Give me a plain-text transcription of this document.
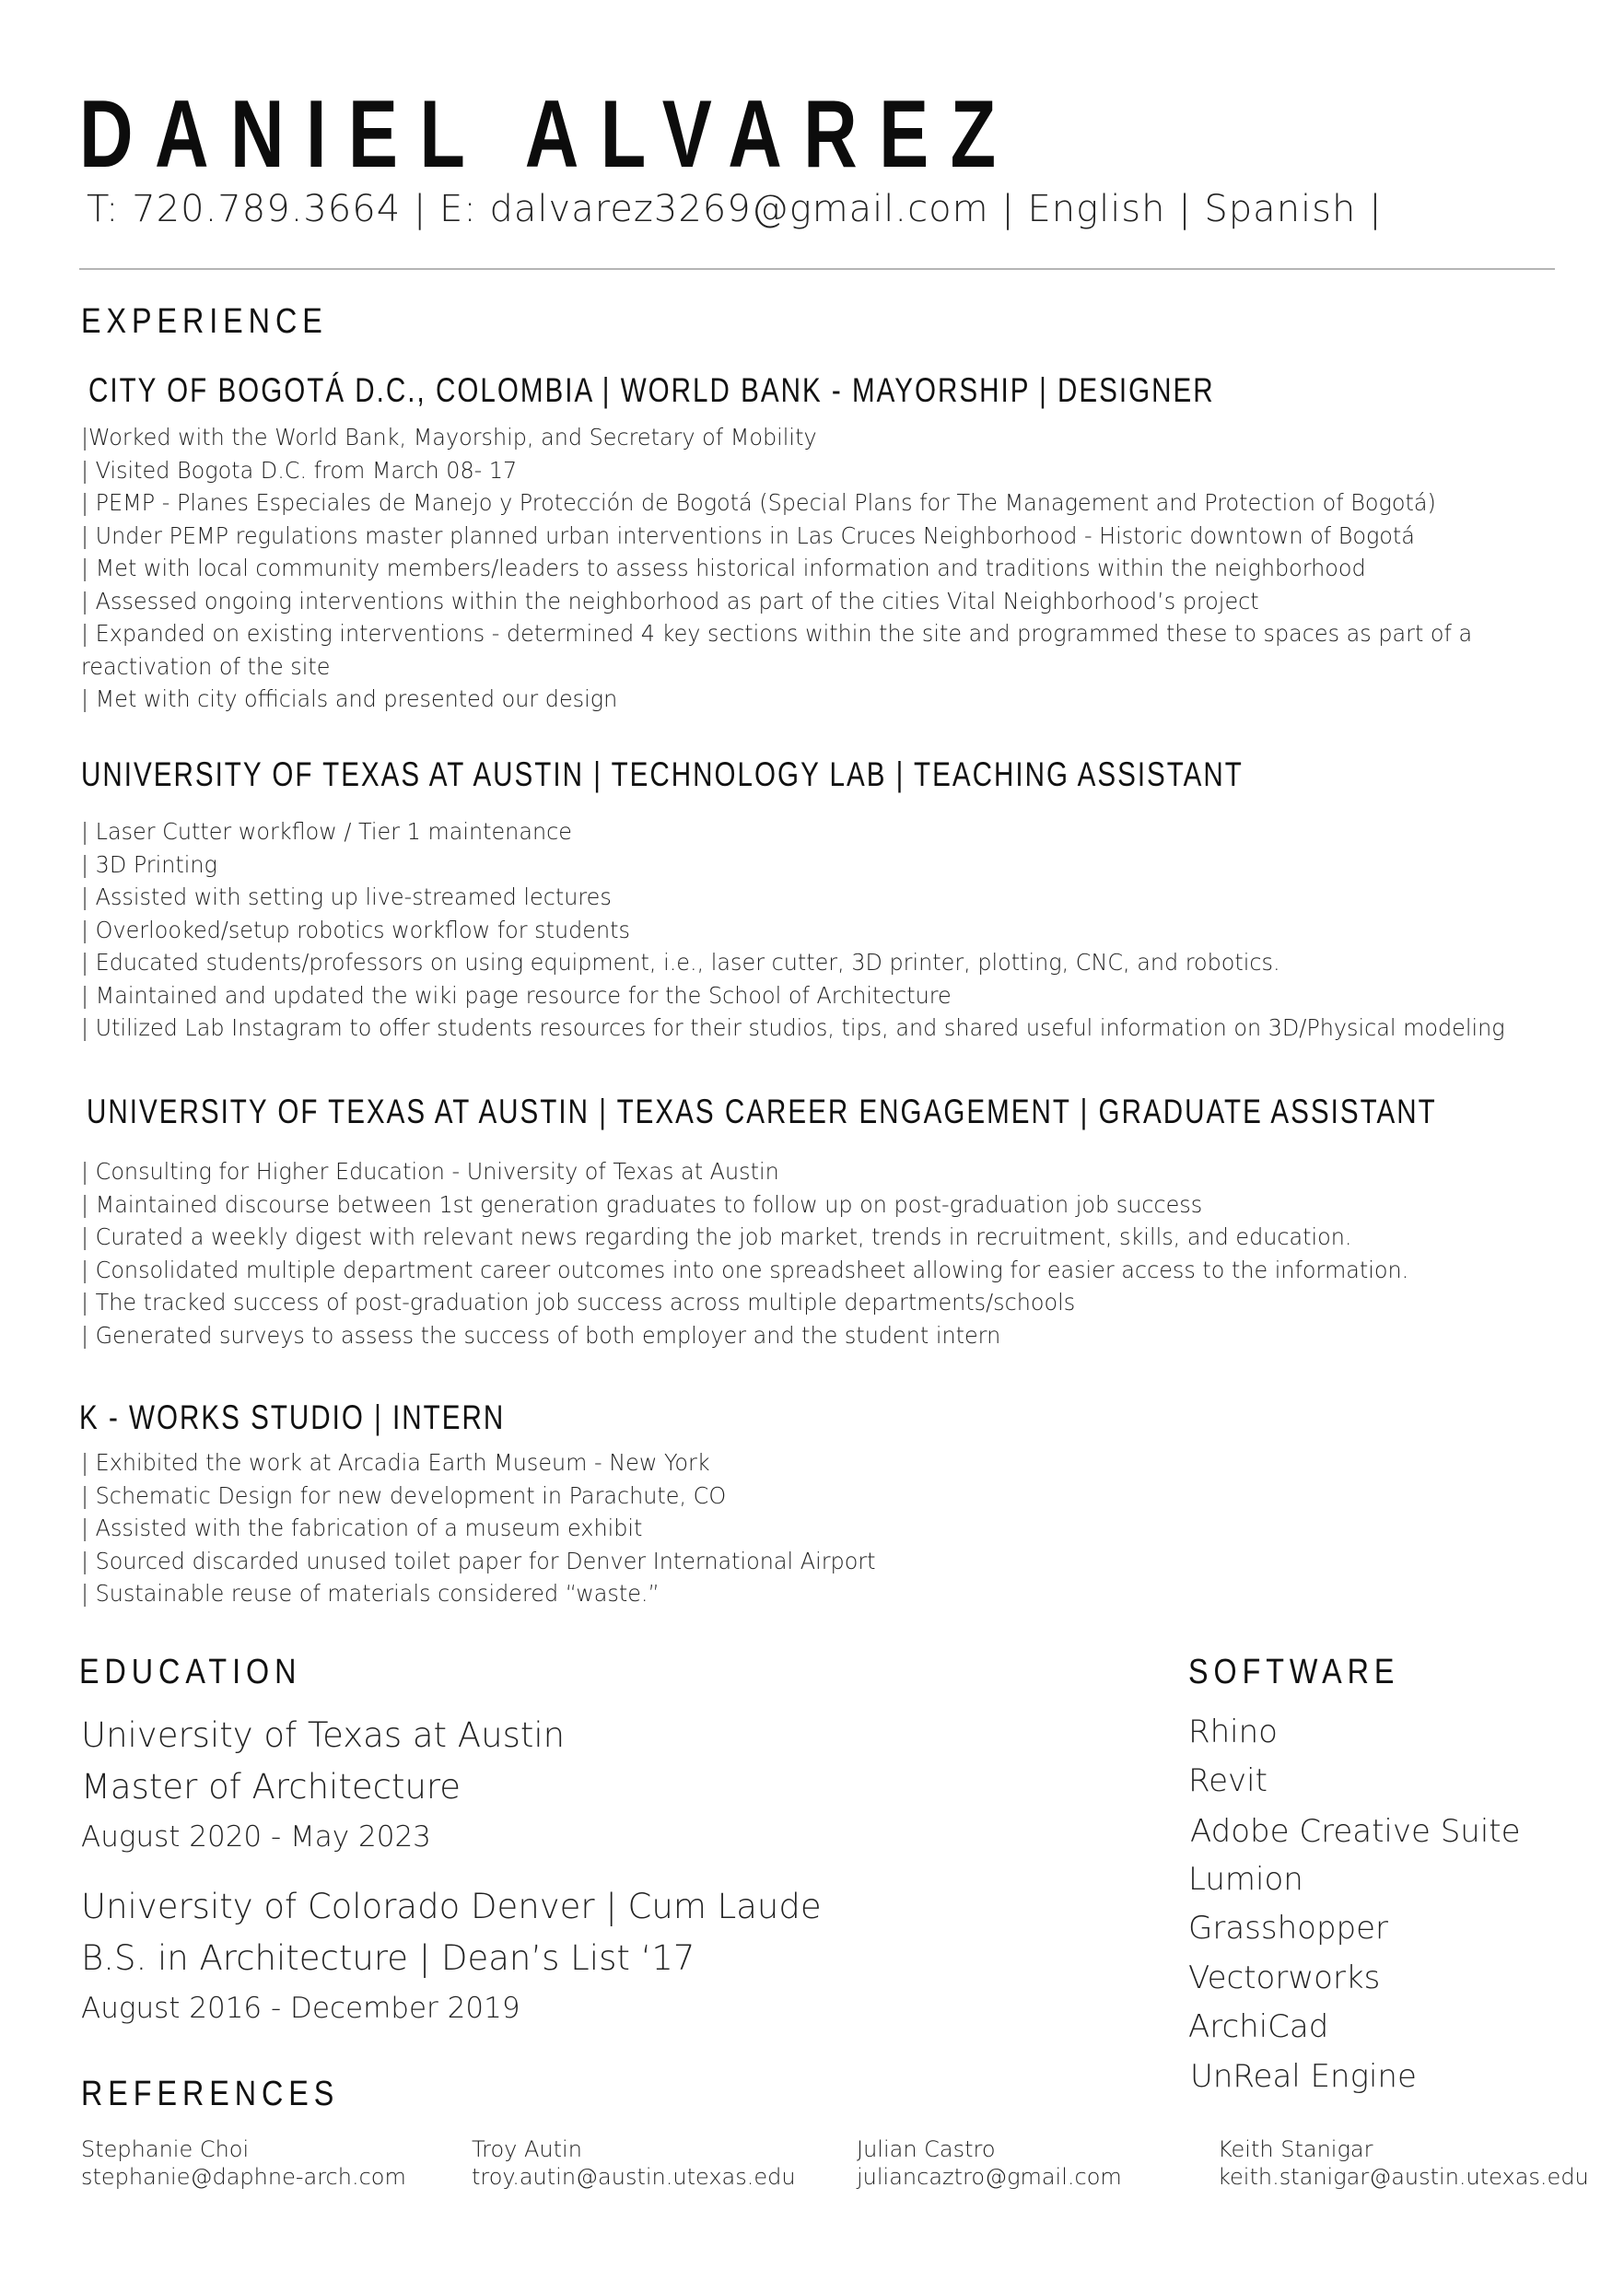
DANIEL ALVAREZ
T: 720.789.3664 | E: dalvarez3269@gmail.com | English | Spanish |
EXPERIENCE
CITY OF BOGOTÁ D.C., COLOMBIA | WORLD BANK - MAYORSHIP | DESIGNER
|Worked with the World Bank, Mayorship, and Secretary of Mobility
| Visited Bogota D.C. from March 08- 17
| PEMP - Planes Especiales de Manejo y Protección de Bogotá (Special Plans for The Management and Protection of Bogotá)
| Under PEMP regulations master planned urban interventions in Las Cruces Neighborhood - Historic downtown of Bogotá
| Met with local community members/leaders to assess historical information and traditions within the neighborhood
| Assessed ongoing interventions within the neighborhood as part of the cities Vital Neighborhood’s project
| Expanded on existing interventions - determined 4 key sections within the site and programmed these to spaces as part of a reactivation of the site
| Met with city officials and presented our design
UNIVERSITY OF TEXAS AT AUSTIN | TECHNOLOGY LAB | TEACHING ASSISTANT
| Laser Cutter workflow / Tier 1 maintenance
| 3D Printing
| Assisted with setting up live-streamed lectures
| Overlooked/setup robotics workflow for students
| Educated students/professors on using equipment, i.e., laser cutter, 3D printer, plotting, CNC, and robotics.
| Maintained and updated the wiki page resource for the School of Architecture
| Utilized Lab Instagram to offer students resources for their studios, tips, and shared useful information on 3D/Physical modeling
UNIVERSITY OF TEXAS AT AUSTIN | TEXAS CAREER ENGAGEMENT | GRADUATE ASSISTANT
| Consulting for Higher Education - University of Texas at Austin
| Maintained discourse between 1st generation graduates to follow up on post-graduation job success
| Curated a weekly digest with relevant news regarding the job market, trends in recruitment, skills, and education.
| Consolidated multiple department career outcomes into one spreadsheet allowing for easier access to the information.
| The tracked success of post-graduation job success across multiple departments/schools
| Generated surveys to assess the success of both employer and the student intern
K - WORKS STUDIO | INTERN
| Exhibited the work at Arcadia Earth Museum - New York
| Schematic Design for new development in Parachute, CO
| Assisted with the fabrication of a museum exhibit
| Sourced discarded unused toilet paper for Denver International Airport
| Sustainable reuse of materials considered “waste.”
EDUCATION
University of Texas at Austin
Master of Architecture
August 2020 - May 2023
University of Colorado Denver | Cum Laude
B.S. in Architecture | Dean’s List ‘17
August 2016 - December 2019
SOFTWARE
Rhino
Revit
Adobe Creative Suite
Lumion
Grasshopper
Vectorworks
ArchiCad
UnReal Engine
REFERENCES
Stephanie Choi
stephanie@daphne-arch.com
Troy Autin
troy.autin@austin.utexas.edu
Julian Castro
juliancaztro@gmail.com
Keith Stanigar
keith.stanigar@austin.utexas.edu
